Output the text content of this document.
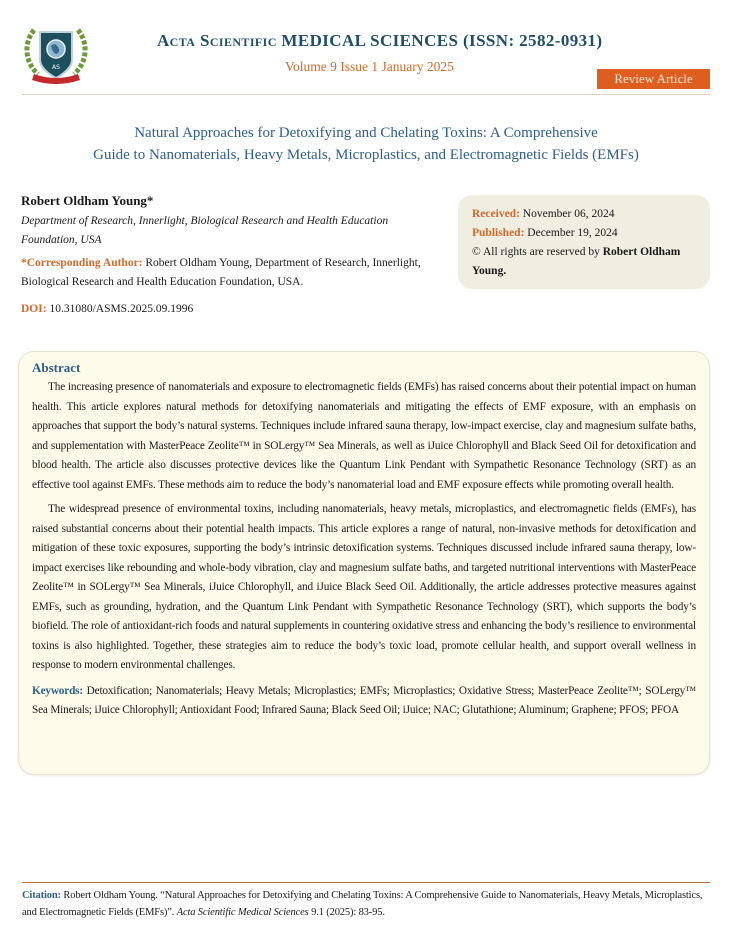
AS
Acta Scientific MEDICAL SCIENCES (ISSN: 2582-0931)
Volume 9 Issue 1 January 2025
Review Article
Natural Approaches for Detoxifying and Chelating Toxins: A Comprehensive
Guide to Nanomaterials, Heavy Metals, Microplastics, and Electromagnetic Fields (EMFs)
Robert Oldham Young*
Department of Research, Innerlight, Biological Research and Health Education Foundation, USA
*Corresponding Author: Robert Oldham Young, Department of Research, Innerlight, Biological Research and Health Education Foundation, USA.
DOI: 10.31080/ASMS.2025.09.1996
Received: November 06, 2024
Published: December 19, 2024
© All rights are reserved by Robert Oldham Young.
Abstract

The increasing presence of nanomaterials and exposure to electromagnetic fields (EMFs) has raised concerns about their potential impact on human health. This article explores natural methods for detoxifying nanomaterials and mitigating the effects of EMF exposure, with an emphasis on approaches that support the body’s natural systems. Techniques include infrared sauna therapy, low-impact exercise, clay and magnesium sulfate baths, and supplementation with MasterPeace Zeolite™ in SOLergy™ Sea Minerals, as well as iJuice Chlorophyll and Black Seed Oil for detoxification and blood health. The article also discusses protective devices like the Quantum Link Pendant with Sympathetic Resonance Technology (SRT) as an effective tool against EMFs. These methods aim to reduce the body’s nanomaterial load and EMF exposure effects while promoting overall health.

The widespread presence of environmental toxins, including nanomaterials, heavy metals, microplastics, and electromagnetic fields (EMFs), has raised substantial concerns about their potential health impacts. This article explores a range of natural, non-invasive methods for detoxification and mitigation of these toxic exposures, supporting the body’s intrinsic detoxification systems. Techniques discussed include infrared sauna therapy, low-impact exercises like rebounding and whole-body vibration, clay and magnesium sulfate baths, and targeted nutritional interventions with MasterPeace Zeolite™ in SOLergy™ Sea Minerals, iJuice Chlorophyll, and iJuice Black Seed Oil. Additionally, the article addresses protective measures against EMFs, such as grounding, hydration, and the Quantum Link Pendant with Sympathetic Resonance Technology (SRT), which supports the body’s biofield. The role of antioxidant-rich foods and natural supplements in countering oxidative stress and enhancing the body’s resilience to environmental toxins is also highlighted. Together, these strategies aim to reduce the body’s toxic load, promote cellular health, and support overall wellness in response to modern environmental challenges.

Keywords: Detoxification; Nanomaterials; Heavy Metals; Microplastics; EMFs; Microplastics; Oxidative Stress; MasterPeace Zeolite™; SOLergy™ Sea Minerals; iJuice Chlorophyll; Antioxidant Food; Infrared Sauna; Black Seed Oil; iJuice; NAC; Glutathione; Aluminum; Graphene; PFOS; PFOA
Citation: Robert Oldham Young. “Natural Approaches for Detoxifying and Chelating Toxins: A Comprehensive Guide to Nanomaterials, Heavy Metals, Microplastics, and Electromagnetic Fields (EMFs)”. Acta Scientific Medical Sciences 9.1 (2025): 83-95.
